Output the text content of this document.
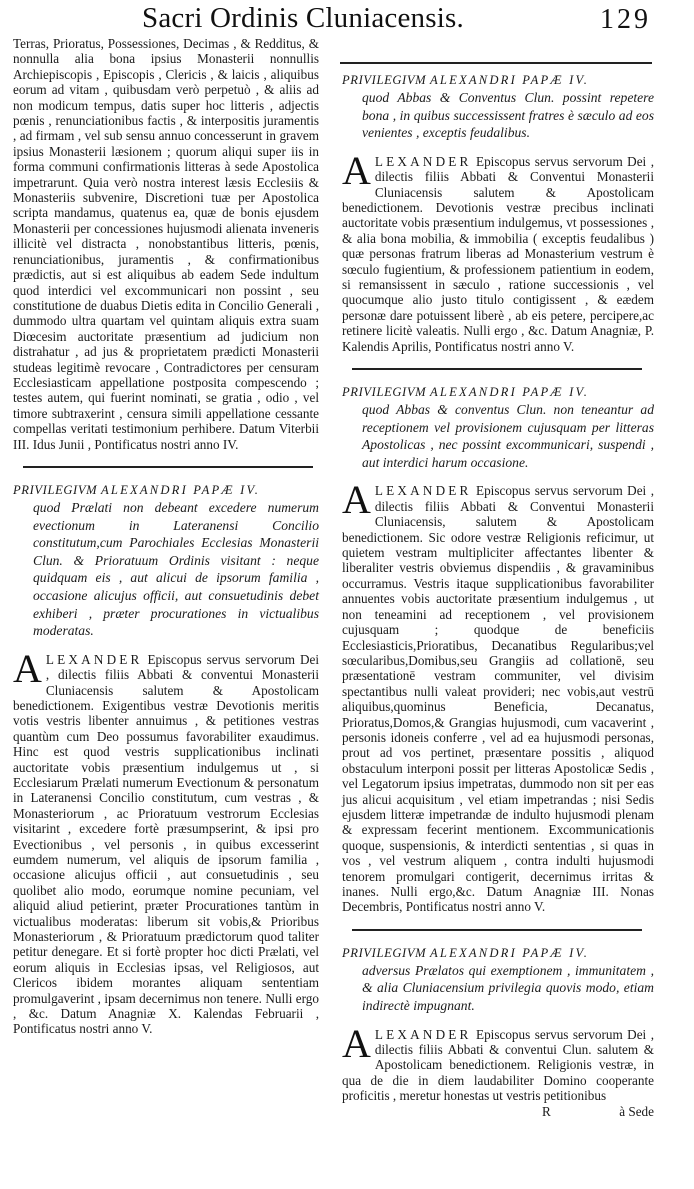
Sacri Ordinis Cluniacensis.	129

Terras, Prioratus, Possessiones, Decimas , & Redditus, & nonnulla alia bona ipsius Monasterii nonnullis Archiepiscopis , Episcopis , Clericis , & laicis , aliquibus eorum ad vitam , quibusdam verò perpetuò , & aliis ad non modicum tempus, datis super hoc litteris , adjectis pœnis , renunciationibus factis , & interpositis juramentis , ad firmam , vel sub sensu annuo concesserunt in gravem ipsius Monasterii læsionem ; quorum aliqui super iis in forma communi confirmationis litteras à sede Apostolica impetrarunt. Quia verò nostra interest læsis Ecclesiis & Monasteriis subvenire, Discretioni tuæ per Apostolica scripta mandamus, quatenus ea, quæ de bonis ejusdem Monasterii per concessiones hujusmodi alienata inveneris illicitè vel distracta , nonobstantibus litteris, pœnis, renunciationibus, juramentis , & confirmationibus prædictis, aut si est aliquibus ab eadem Sede indultum quod interdici vel excommunicari non possint , seu constitutione de duabus Dietis edita in Concilio Generali , dummodo ultra quartam vel quintam aliquis extra suam Diœcesim auctoritate præsentium ad judicium non distrahatur , ad jus & proprietatem prædicti Monasterii studeas legitimè revocare , Contradictores per censuram Ecclesiasticam appellatione postposita compescendo ; testes autem, qui fuerint nominati, se gratia , odio , vel timore subtraxerint , censura simili appellatione cessante compellas veritati testimonium perhibere. Datum Viterbii III. Idus Junii , Pontificatus nostri anno IV.

PRIVILEGIVM ALEXANDRI PAPÆ IV.

quod Prælati non debeant excedere numerum evectionum in Lateranensi Concilio constitutum,cum Parochiales Ecclesias Monasterii Clun. & Prioratuum Ordinis visitant : neque quidquam eis , aut alicui de ipsorum familia , occasione alicujus officii, aut consuetudinis debet exhiberi , præter procurationes in victualibus moderatas.

ALEXANDER Episcopus servus servorum Dei , dilectis filiis Abbati & conventui Monasterii Cluniacensis salutem & Apostolicam benedictionem. Exigentibus vestræ Devotionis meritis votis vestris libenter annuimus , & petitiones vestras quantùm cum Deo possumus favorabiliter exaudimus. Hinc est quod vestris supplicationibus inclinati auctoritate vobis præsentium indulgemus ut , si Ecclesiarum Prælati numerum Evectionum & personatum in Lateranensi Concilio constitutum, cum vestras , & Monasteriorum , ac Prioratuum vestrorum Ecclesias visitarint , excedere fortè præsumpserint, & ipsi pro Evectionibus , vel personis , in quibus excesserint eumdem numerum, vel aliquis de ipsorum familia , occasione alicujus officii , aut consuetudinis , seu quolibet alio modo, eorumque nomine pecuniam, vel aliquid aliud petierint, præter Procurationes tantùm in victualibus moderatas: liberum sit vobis,& Prioribus Monasteriorum , & Prioratuum prædictorum quod taliter petitur denegare. Et si fortè propter hoc dicti Prælati, vel eorum aliquis in Ecclesias ipsas, vel Religiosos, aut Clericos ibidem morantes aliquam sententiam promulgaverint , ipsam decernimus non tenere. Nulli ergo , &c. Datum Anagniæ X. Kalendas Februarii , Pontificatus nostri anno V.

PRIVILEGIVM ALEXANDRI PAPÆ IV.

quod Abbas & Conventus Clun. possint repetere bona , in quibus successissent fratres è sæculo ad eos venientes , exceptis feudalibus.

ALEXANDER Episcopus servus servorum Dei , dilectis filiis Abbati & Conventui Monasterii Cluniacensis salutem & Apostolicam benedictionem. Devotionis vestræ precibus inclinati auctoritate vobis præsentium indulgemus, vt possessiones , & alia bona mobilia, & immobilia ( exceptis feudalibus ) quæ personas fratrum liberas ad Monasterium vestrum è sœculo fugientium, & professionem patientium in eodem, si remansissent in sæculo , ratione successionis , vel quocumque alio justo titulo contigissent , & eædem personæ dare potuissent liberè , ab eis petere, percipere,ac retinere licitè valeatis. Nulli ergo , &c. Datum Anagniæ, P. Kalendis Aprilis, Pontificatus nostri anno V.

PRIVILEGIVM ALEXANDRI PAPÆ IV.

quod Abbas & conventus Clun. non teneantur ad receptionem vel provisionem cujusquam per litteras Apostolicas , nec possint excommunicari, suspendi , aut interdici harum occasione.

ALEXANDER Episcopus servus servorum Dei , dilectis filiis Abbati & Conventui Monasterii Cluniacensis, salutem & Apostolicam benedictionem. Sic odore vestræ Religionis reficimur, ut quietem vestram multipliciter affectantes libenter & liberaliter vestris obviemus dispendiis , & gravaminibus occurramus. Vestris itaque supplicationibus favorabiliter annuentes vobis auctoritate præsentium indulgemus , ut non teneamini ad receptionem , vel provisionem cujusquam ; quodque de beneficiis Ecclesiasticis,Prioratibus, Decanatibus Regularibus;vel sœcularibus,Domibus,seu Grangiis ad collationē, seu præsentationē vestram communiter, vel divisim spectantibus nulli valeat provideri; nec vobis,aut vestrū aliquibus,quominus Beneficia, Decanatus, Prioratus,Domos,& Grangias hujusmodi, cum vacaverint , personis idoneis conferre , vel ad ea hujusmodi personas, prout ad vos pertinet, præsentare possitis , aliquod obstaculum interponi possit per litteras Apostolicæ Sedis , vel Legatorum ipsius impetratas, dummodo non sit per eas jus alicui acquisitum , vel etiam impetrandas ; nisi Sedis ejusdem litteræ impetrandæ de indulto hujusmodi plenam & expressam fecerint mentionem. Excommunicationis quoque, suspensionis, & interdicti sententias , si quas in vos , vel vestrum aliquem , contra indulti hujusmodi tenorem promulgari contigerit, decernimus irritas & inanes. Nulli ergo,&c. Datum Anagniæ III. Nonas Decembris, Pontificatus nostri anno V.

PRIVILEGIVM ALEXANDRI PAPÆ IV.

adversus Prælatos qui exemptionem , immunitatem , & alia Cluniacensium privilegia quovis modo, etiam indirectè impugnant.

ALEXANDER Episcopus servus servorum Dei , dilectis filiis Abbati & conventui Clun. salutem & Apostolicam benedictionem. Religionis vestræ, in qua de die in diem laudabiliter Domino cooperante proficitis , meretur honestas ut vestris petitionibus

R	à Sede
